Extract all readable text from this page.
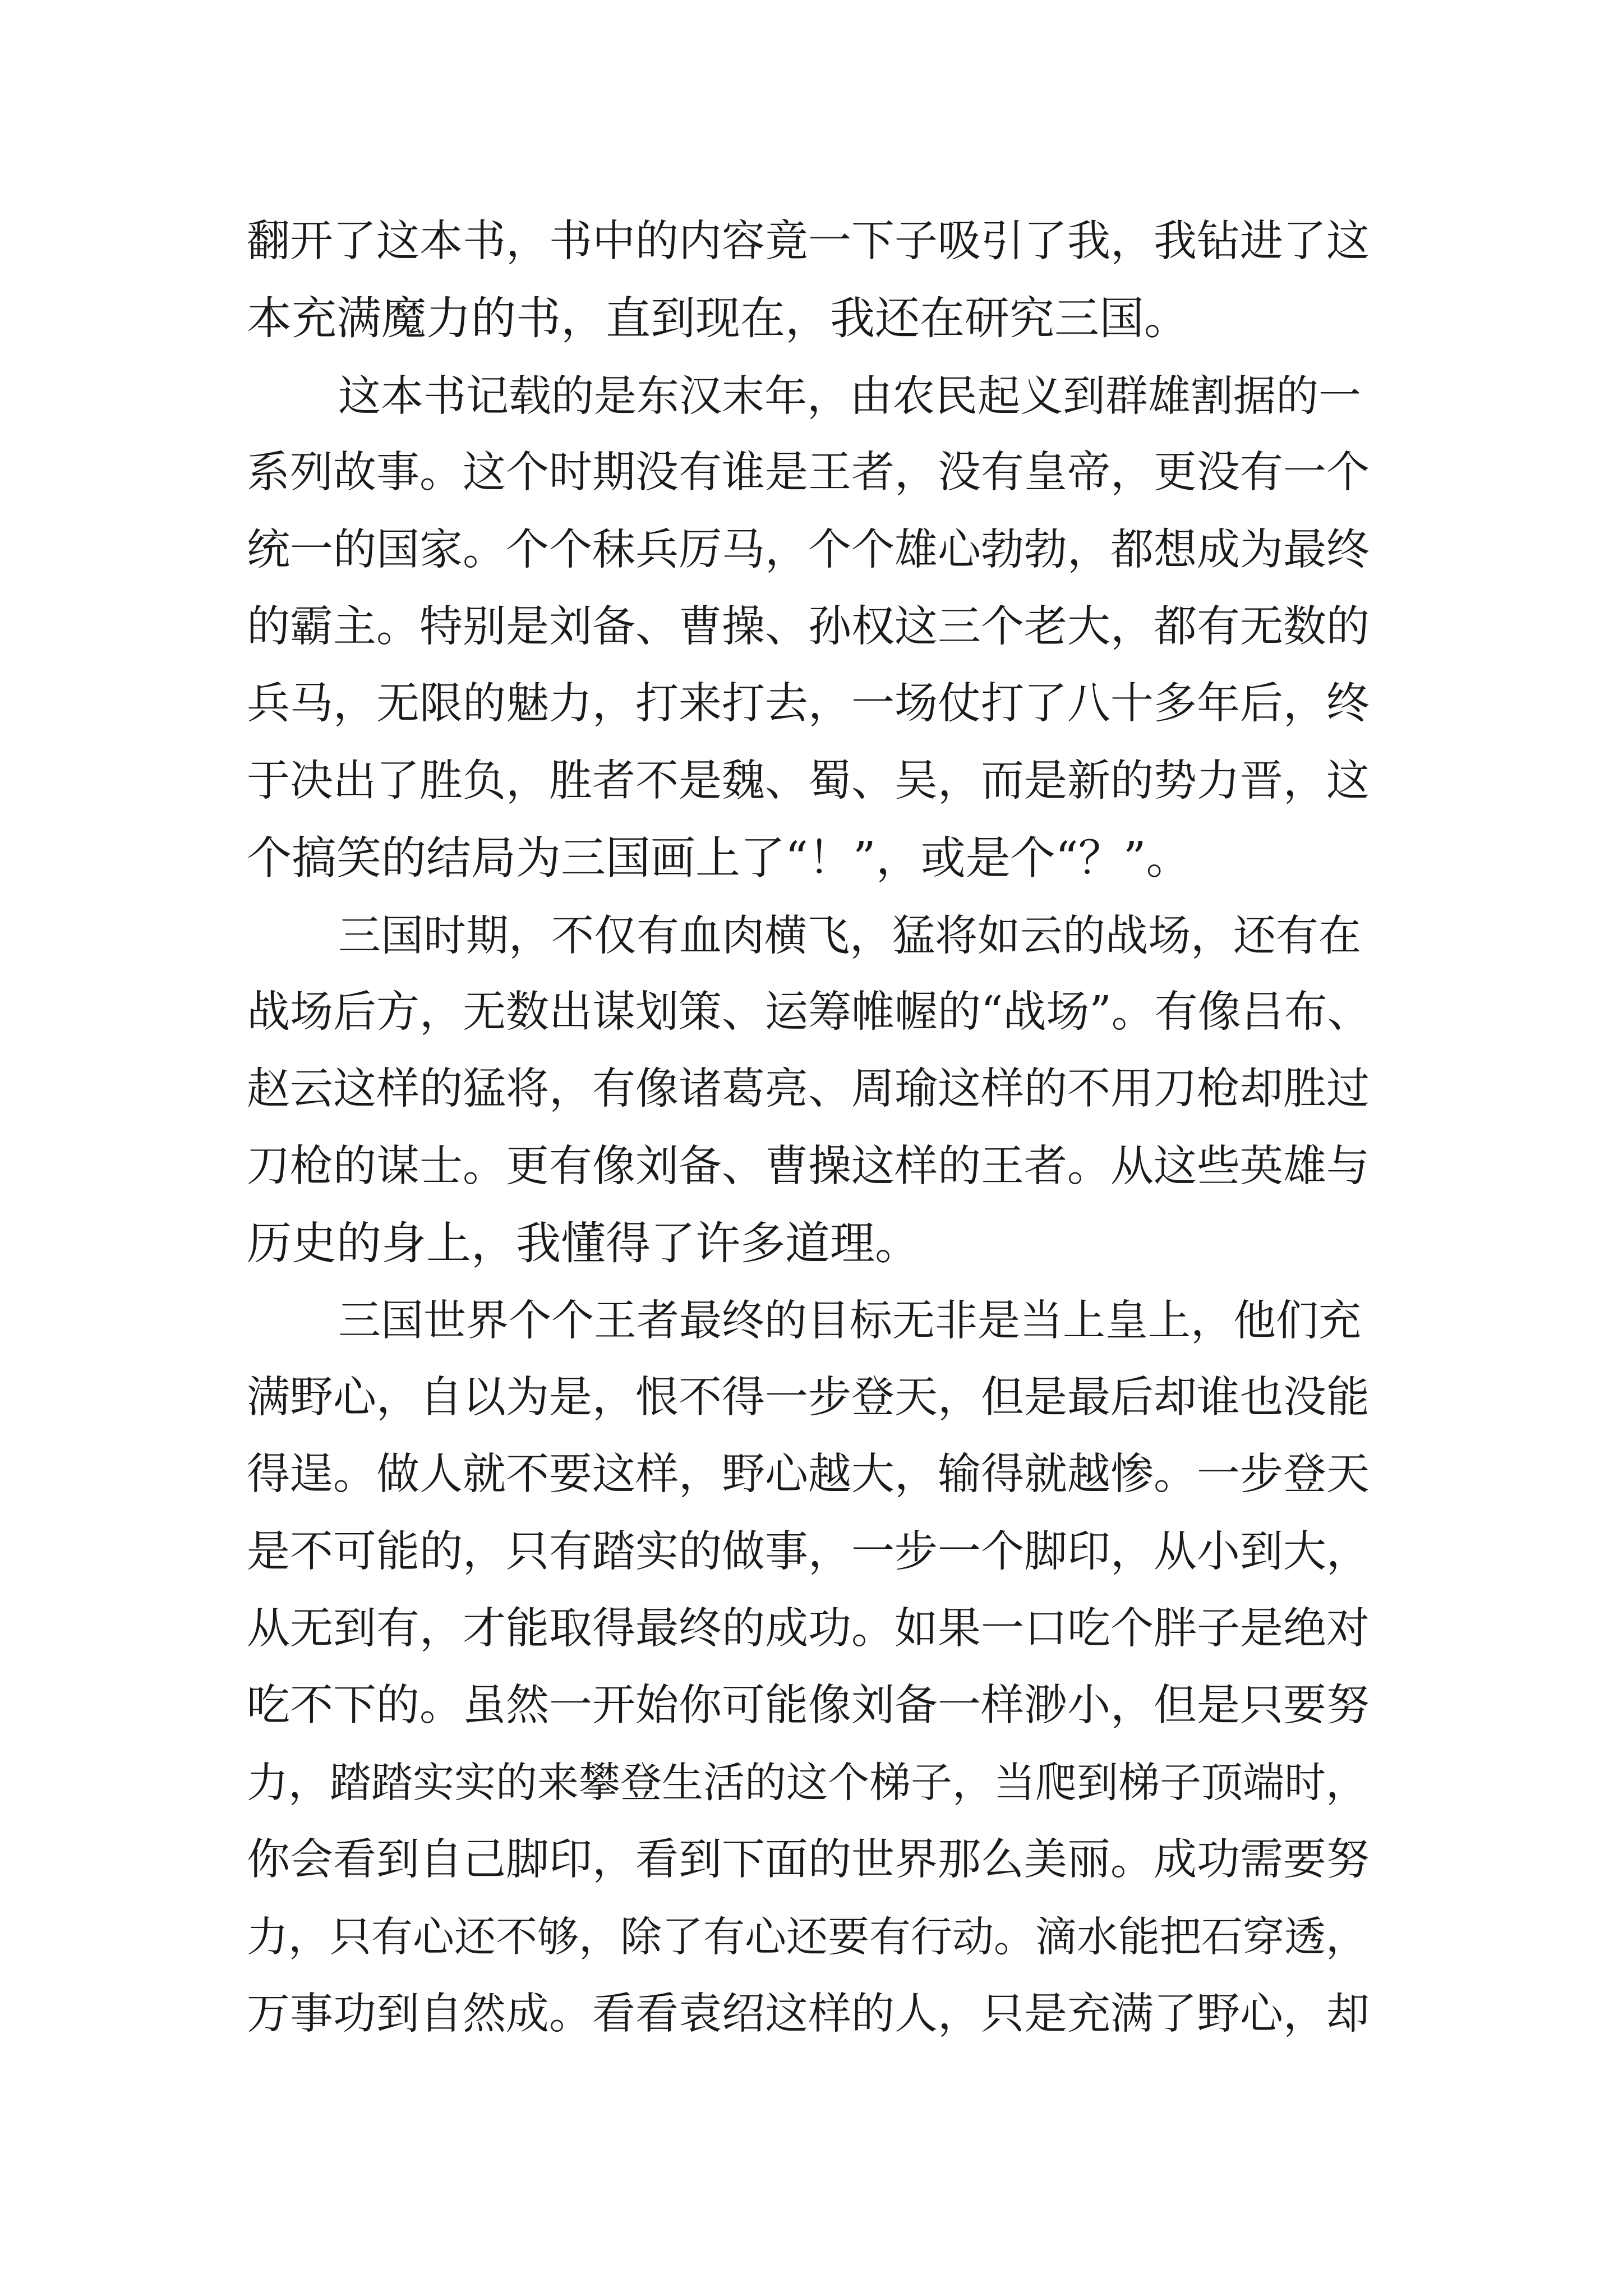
翻开了这本书，书中的内容竟一下子吸引了我，我钻进了这
本充满魔力的书，直到现在，我还在研究三国。
这本书记载的是东汉末年，由农民起义到群雄割据的一
系列故事。这个时期没有谁是王者，没有皇帝，更没有一个
统一的国家。个个秣兵厉马，个个雄心勃勃，都想成为最终
的霸主。特别是刘备、曹操、孙权这三个老大，都有无数的
兵马，无限的魅力，打来打去，一场仗打了八十多年后，终
于决出了胜负，胜者不是魏、蜀、吴，而是新的势力晋，这
个搞笑的结局为三国画上了“！”，或是个“？”。
三国时期，不仅有血肉横飞，猛将如云的战场，还有在
战场后方，无数出谋划策、运筹帷幄的“战场”。有像吕布、
赵云这样的猛将，有像诸葛亮、周瑜这样的不用刀枪却胜过
刀枪的谋士。更有像刘备、曹操这样的王者。从这些英雄与
历史的身上，我懂得了许多道理。
三国世界个个王者最终的目标无非是当上皇上，他们充
满野心，自以为是，恨不得一步登天，但是最后却谁也没能
得逞。做人就不要这样，野心越大，输得就越惨。一步登天
是不可能的，只有踏实的做事，一步一个脚印，从小到大，
从无到有，才能取得最终的成功。如果一口吃个胖子是绝对
吃不下的。虽然一开始你可能像刘备一样渺小，但是只要努
力，踏踏实实的来攀登生活的这个梯子，当爬到梯子顶端时，
你会看到自己脚印，看到下面的世界那么美丽。成功需要努
力，只有心还不够，除了有心还要有行动。滴水能把石穿透，
万事功到自然成。看看袁绍这样的人，只是充满了野心，却
